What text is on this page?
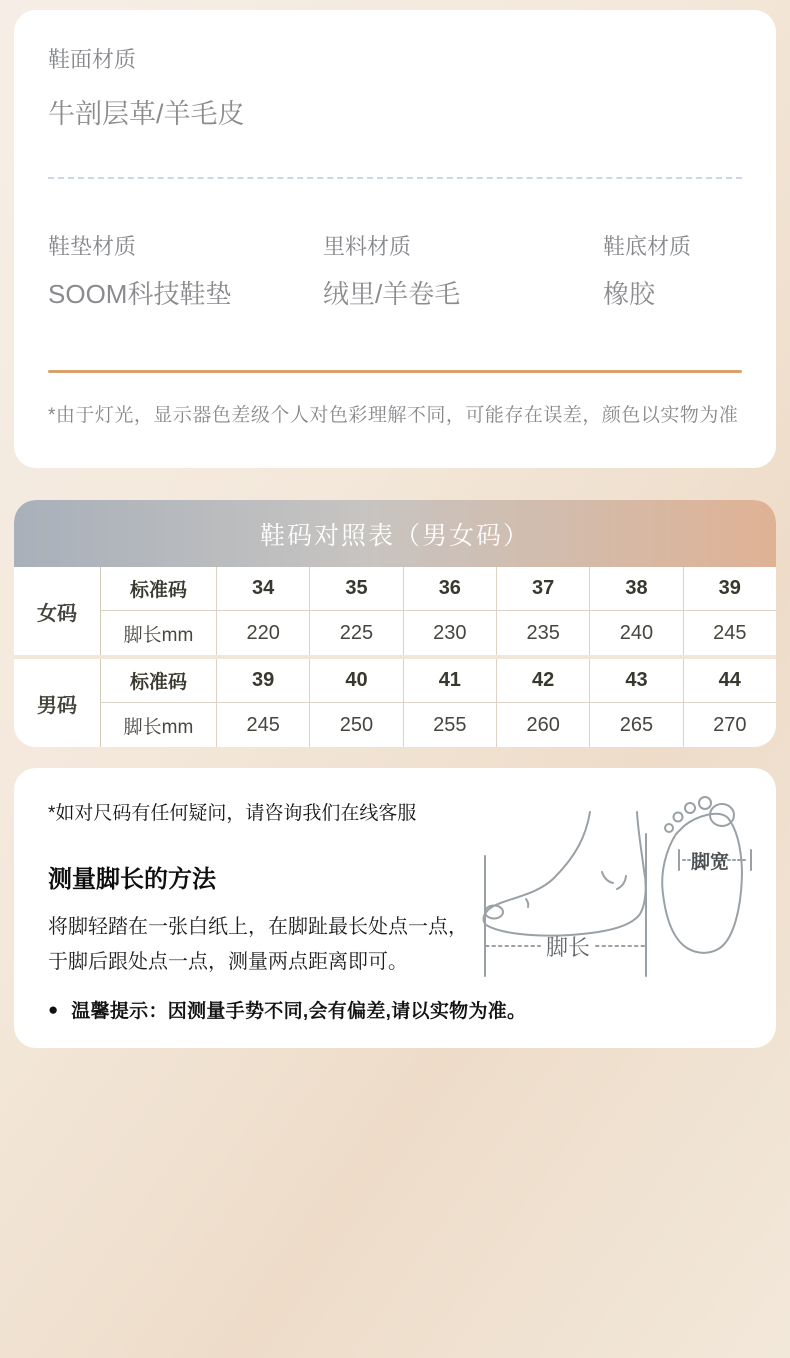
鞋面材质
牛剖层革/羊毛皮
鞋垫材质
SOOM科技鞋垫
里料材质
绒里/羊卷毛
鞋底材质
橡胶
*由于灯光，显示器色差级个人对色彩理解不同，可能存在误差，颜色以实物为准
鞋码对照表（男女码）
女码
标准码	34	35	36	37	38	39
脚长mm	220	225	230	235	240	245
男码
标准码	39	40	41	42	43	44
脚长mm	245	250	255	260	265	270

*如对尺码有任何疑问，请咨询我们在线客服

测量脚长的方法

将脚轻踏在一张白纸上，在脚趾最长处点一点，
于脚后跟处点一点，测量两点距离即可。

● 温馨提示：因测量手势不同,会有偏差,请以实物为准。
脚长
脚宽
